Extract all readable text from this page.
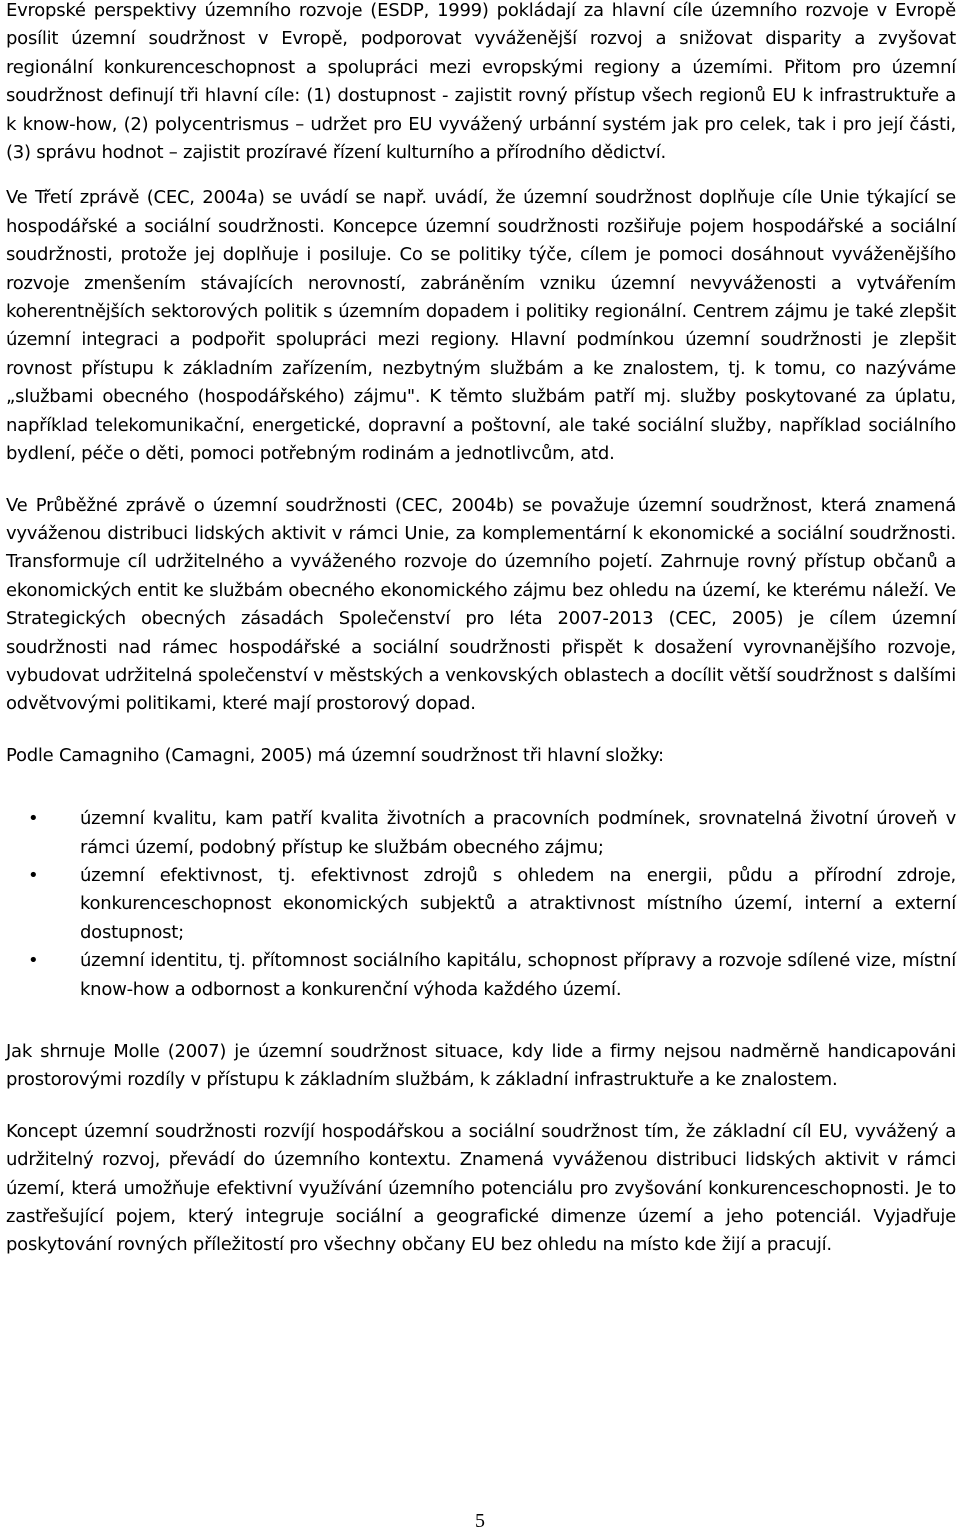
Evropské perspektivy územního rozvoje (ESDP, 1999) pokládají za hlavní cíle územního rozvoje v Evropě posílit územní soudržnost v Evropě, podporovat vyváženější rozvoj a snižovat disparity a zvyšovat regionální konkurenceschopnost a spolupráci mezi evropskými regiony a územími. Přitom pro územní soudržnost definují tři hlavní cíle: (1) dostupnost - zajistit rovný přístup všech regionů EU k infrastruktuře a k know-how, (2) polycentrismus – udržet pro EU vyvážený urbánní systém jak pro celek, tak i pro její části, (3) správu hodnot – zajistit prozíravé řízení kulturního a přírodního dědictví.

Ve Třetí zprávě (CEC, 2004a) se uvádí se např. uvádí, že územní soudržnost doplňuje cíle Unie týkající se hospodářské a sociální soudržnosti. Koncepce územní soudržnosti rozšiřuje pojem hospodářské a sociální soudržnosti, protože jej doplňuje i posiluje. Co se politiky týče, cílem je pomoci dosáhnout vyváženějšího rozvoje zmenšením stávajících nerovností, zabráněním vzniku územní nevyváženosti a vytvářením koherentnějších sektorových politik s územním dopadem i politiky regionální. Centrem zájmu je také zlepšit územní integraci a podpořit spolupráci mezi regiony. Hlavní podmínkou územní soudržnosti je zlepšit rovnost přístupu k základním zařízením, nezbytným službám a ke znalostem, tj. k tomu, co nazýváme „službami obecného (hospodářského) zájmu". K těmto službám patří mj. služby poskytované za úplatu, například telekomunikační, energetické, dopravní a poštovní, ale také sociální služby, například sociálního bydlení, péče o děti, pomoci potřebným rodinám a jednotlivcům, atd.

Ve Průběžné zprávě o územní soudržnosti (CEC, 2004b) se považuje územní soudržnost, která znamená vyváženou distribuci lidských aktivit v rámci Unie, za komplementární k ekonomické a sociální soudržnosti. Transformuje cíl udržitelného a vyváženého rozvoje do územního pojetí. Zahrnuje rovný přístup občanů a ekonomických entit ke službám obecného ekonomického zájmu bez ohledu na území, ke kterému náleží. Ve Strategických obecných zásadách Společenství pro léta 2007-2013 (CEC, 2005) je cílem územní soudržnosti nad rámec hospodářské a sociální soudržnosti přispět k dosažení vyrovnanějšího rozvoje, vybudovat udržitelná společenství v městských a venkovských oblastech a docílit větší soudržnost s dalšími odvětvovými politikami, které mají prostorový dopad.

Podle Camagniho (Camagni, 2005) má územní soudržnost tři hlavní složky:

• územní kvalitu, kam patří kvalita životních a pracovních podmínek, srovnatelná životní úroveň v rámci území, podobný přístup ke službám obecného zájmu;
• územní efektivnost, tj. efektivnost zdrojů s ohledem na energii, půdu a přírodní zdroje, konkurenceschopnost ekonomických subjektů a atraktivnost místního území, interní a externí dostupnost;
• územní identitu, tj. přítomnost sociálního kapitálu, schopnost přípravy a rozvoje sdílené vize, místní know-how a odbornost a konkurenční výhoda každého území.

Jak shrnuje Molle (2007) je územní soudržnost situace, kdy lide a firmy nejsou nadměrně handicapováni prostorovými rozdíly v přístupu k základním službám, k základní infrastruktuře a ke znalostem.

Koncept územní soudržnosti rozvíjí hospodářskou a sociální soudržnost tím, že základní cíl EU, vyvážený a udržitelný rozvoj, převádí do územního kontextu. Znamená vyváženou distribuci lidských aktivit v rámci území, která umožňuje efektivní využívání územního potenciálu pro zvyšování konkurenceschopnosti. Je to zastřešující pojem, který integruje sociální a geografické dimenze území a jeho potenciál. Vyjadřuje poskytování rovných příležitostí pro všechny občany EU bez ohledu na místo kde žijí a pracují.

5
